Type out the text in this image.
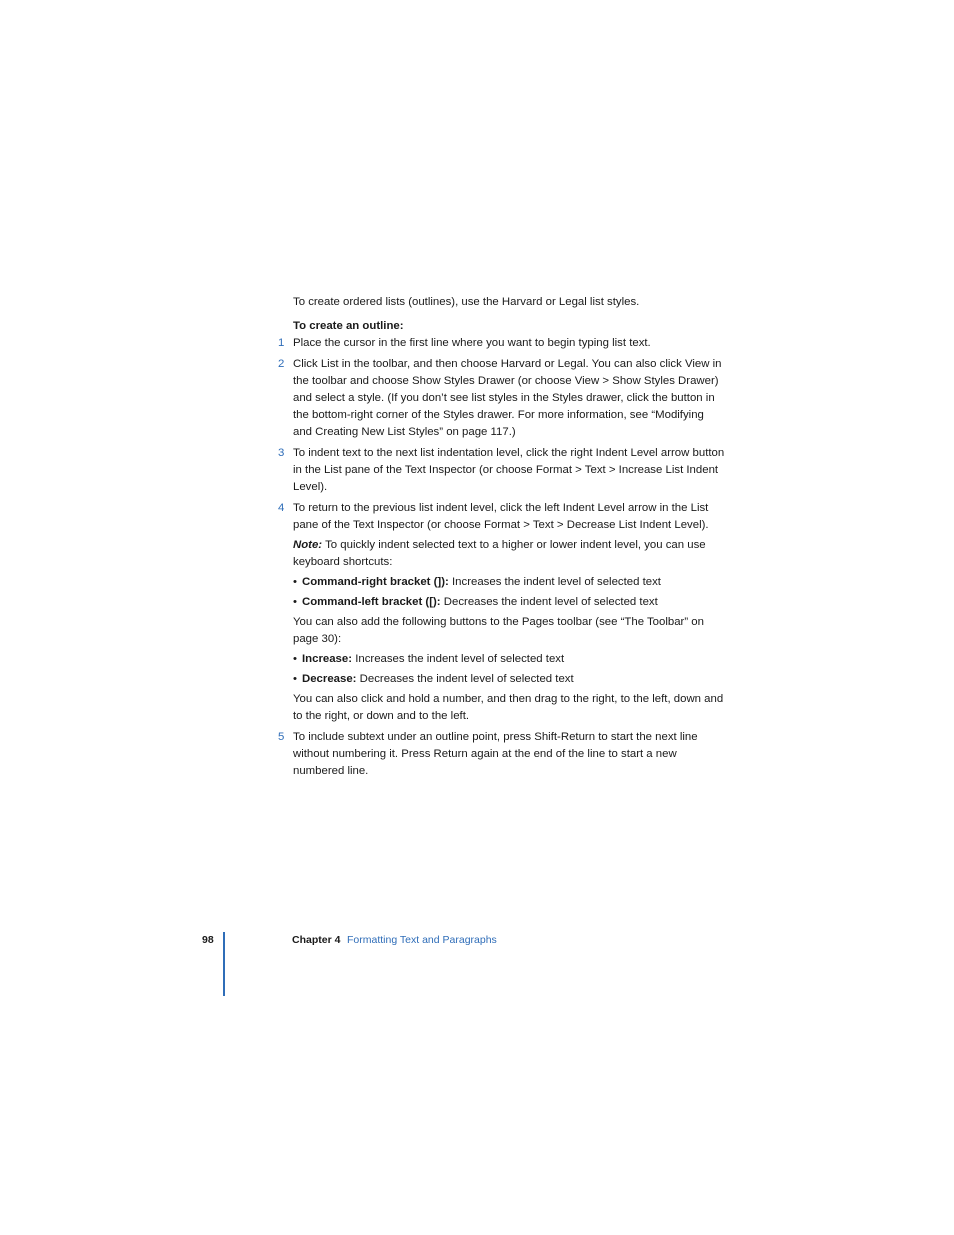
To create ordered lists (outlines), use the Harvard or Legal list styles.

To create an outline:

1 Place the cursor in the first line where you want to begin typing list text.

2 Click List in the toolbar, and then choose Harvard or Legal. You can also click View in the toolbar and choose Show Styles Drawer (or choose View > Show Styles Drawer) and select a style. (If you don’t see list styles in the Styles drawer, click the button in the bottom-right corner of the Styles drawer. For more information, see “Modifying and Creating New List Styles” on page 117.)

3 To indent text to the next list indentation level, click the right Indent Level arrow button in the List pane of the Text Inspector (or choose Format > Text > Increase List Indent Level).

4 To return to the previous list indent level, click the left Indent Level arrow in the List pane of the Text Inspector (or choose Format > Text > Decrease List Indent Level).

Note: To quickly indent selected text to a higher or lower indent level, you can use keyboard shortcuts:

• Command-right bracket (]): Increases the indent level of selected text
• Command-left bracket ([): Decreases the indent level of selected text

You can also add the following buttons to the Pages toolbar (see “The Toolbar” on page 30):

• Increase: Increases the indent level of selected text
• Decrease: Decreases the indent level of selected text

You can also click and hold a number, and then drag to the right, to the left, down and to the right, or down and to the left.

5 To include subtext under an outline point, press Shift-Return to start the next line without numbering it. Press Return again at the end of the line to start a new numbered line.

98	Chapter 4 Formatting Text and Paragraphs
